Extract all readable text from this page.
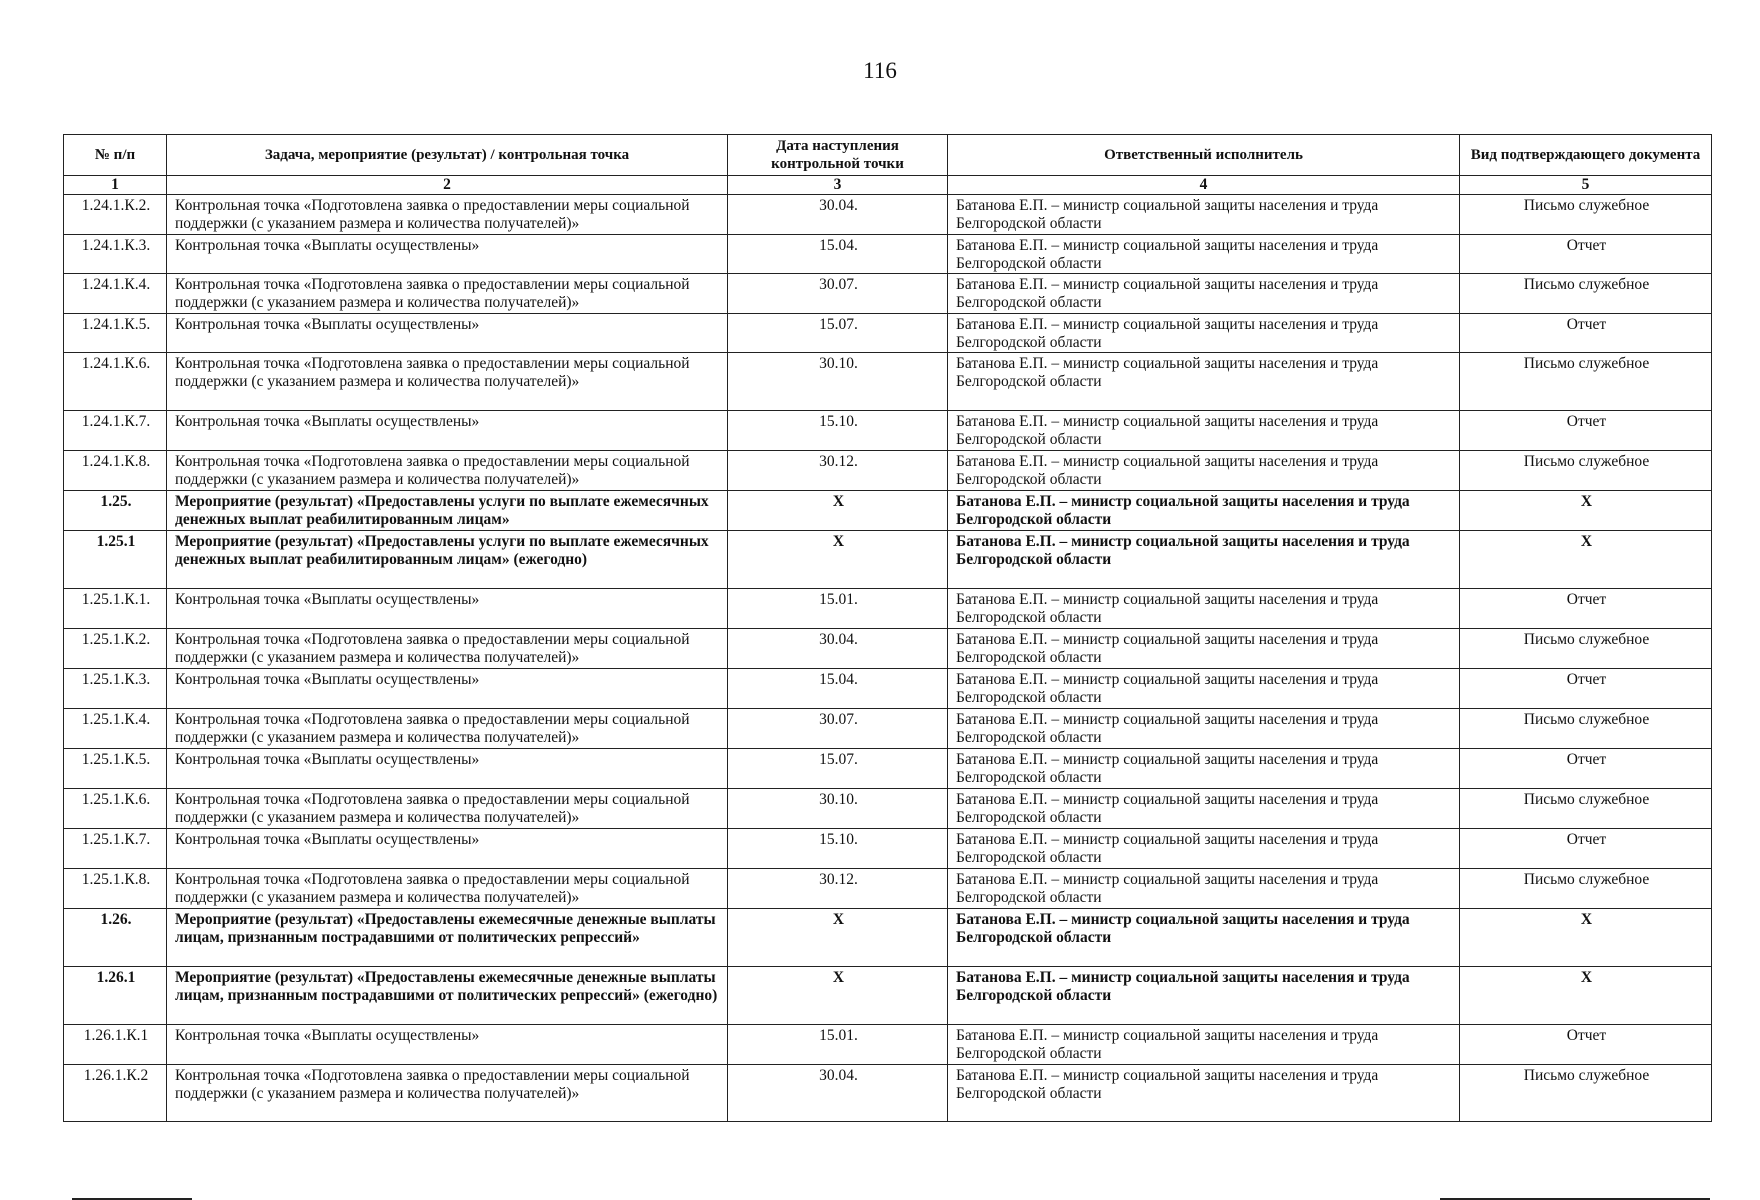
116
№ п/п	Задача, мероприятие (результат) / контрольная точка	Дата наступления контрольной точки	Ответственный исполнитель	Вид подтверждающего документа
1	2	3	4	5
1.24.1.К.2.	Контрольная точка «Подготовлена заявка о предоставлении меры социальной поддержки (с указанием размера и количества получателей)»	30.04.	Батанова Е.П. – министр социальной защиты населения и труда Белгородской области	Письмо служебное
1.24.1.К.3.	Контрольная точка «Выплаты осуществлены»	15.04.	Батанова Е.П. – министр социальной защиты населения и труда Белгородской области	Отчет
1.24.1.К.4.	Контрольная точка «Подготовлена заявка о предоставлении меры социальной поддержки (с указанием размера и количества получателей)»	30.07.	Батанова Е.П. – министр социальной защиты населения и труда Белгородской области	Письмо служебное
1.24.1.К.5.	Контрольная точка «Выплаты осуществлены»	15.07.	Батанова Е.П. – министр социальной защиты населения и труда Белгородской области	Отчет
1.24.1.К.6.	Контрольная точка «Подготовлена заявка о предоставлении меры социальной поддержки (с указанием размера и количества получателей)»	30.10.	Батанова Е.П. – министр социальной защиты населения и труда Белгородской области	Письмо служебное
1.24.1.К.7.	Контрольная точка «Выплаты осуществлены»	15.10.	Батанова Е.П. – министр социальной защиты населения и труда Белгородской области	Отчет
1.24.1.К.8.	Контрольная точка «Подготовлена заявка о предоставлении меры социальной поддержки (с указанием размера и количества получателей)»	30.12.	Батанова Е.П. – министр социальной защиты населения и труда Белгородской области	Письмо служебное
1.25.	Мероприятие (результат) «Предоставлены услуги по выплате ежемесячных денежных выплат реабилитированным лицам»	X	Батанова Е.П. – министр социальной защиты населения и труда Белгородской области	X
1.25.1	Мероприятие (результат) «Предоставлены услуги по выплате ежемесячных денежных выплат реабилитированным лицам» (ежегодно)	X	Батанова Е.П. – министр социальной защиты населения и труда Белгородской области	X
1.25.1.К.1.	Контрольная точка «Выплаты осуществлены»	15.01.	Батанова Е.П. – министр социальной защиты населения и труда Белгородской области	Отчет
1.25.1.К.2.	Контрольная точка «Подготовлена заявка о предоставлении меры социальной поддержки (с указанием размера и количества получателей)»	30.04.	Батанова Е.П. – министр социальной защиты населения и труда Белгородской области	Письмо служебное
1.25.1.К.3.	Контрольная точка «Выплаты осуществлены»	15.04.	Батанова Е.П. – министр социальной защиты населения и труда Белгородской области	Отчет
1.25.1.К.4.	Контрольная точка «Подготовлена заявка о предоставлении меры социальной поддержки (с указанием размера и количества получателей)»	30.07.	Батанова Е.П. – министр социальной защиты населения и труда Белгородской области	Письмо служебное
1.25.1.К.5.	Контрольная точка «Выплаты осуществлены»	15.07.	Батанова Е.П. – министр социальной защиты населения и труда Белгородской области	Отчет
1.25.1.К.6.	Контрольная точка «Подготовлена заявка о предоставлении меры социальной поддержки (с указанием размера и количества получателей)»	30.10.	Батанова Е.П. – министр социальной защиты населения и труда Белгородской области	Письмо служебное
1.25.1.К.7.	Контрольная точка «Выплаты осуществлены»	15.10.	Батанова Е.П. – министр социальной защиты населения и труда Белгородской области	Отчет
1.25.1.К.8.	Контрольная точка «Подготовлена заявка о предоставлении меры социальной поддержки (с указанием размера и количества получателей)»	30.12.	Батанова Е.П. – министр социальной защиты населения и труда Белгородской области	Письмо служебное
1.26.	Мероприятие (результат) «Предоставлены ежемесячные денежные выплаты лицам, признанным пострадавшими от политических репрессий»	X	Батанова Е.П. – министр социальной защиты населения и труда Белгородской области	X
1.26.1	Мероприятие (результат) «Предоставлены ежемесячные денежные выплаты лицам, признанным пострадавшими от политических репрессий» (ежегодно)	X	Батанова Е.П. – министр социальной защиты населения и труда Белгородской области	X
1.26.1.К.1	Контрольная точка «Выплаты осуществлены»	15.01.	Батанова Е.П. – министр социальной защиты населения и труда Белгородской области	Отчет
1.26.1.К.2	Контрольная точка «Подготовлена заявка о предоставлении меры социальной поддержки (с указанием размера и количества получателей)»	30.04.	Батанова Е.П. – министр социальной защиты населения и труда Белгородской области	Письмо служебное
